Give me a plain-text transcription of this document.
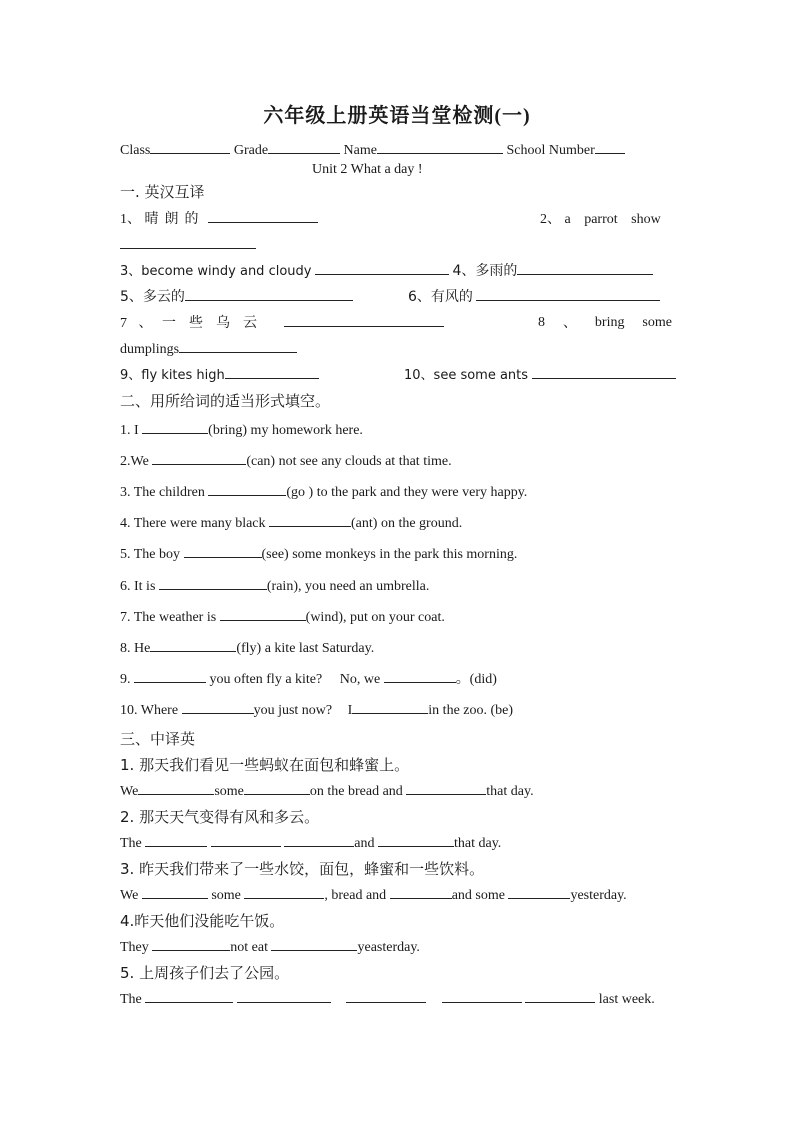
六年级上册英语当堂检测(一)
Class	Grade	Name	School Number
Unit 2 What a day !
一. 英汉互译
1、 晴朗的	2、 a parrot show
3、become windy and cloudy	4、多雨的
5、多云的	6、有风的
7 、 一些乌云	8 、 bring some
dumplings
9、fly kites high	10、see some ants
二、用所给词的适当形式填空。
1. I	(bring) my homework here.
2.We	(can) not see any clouds at that time.
3. The children	(go ) to the park and they were very happy.
4. There were many black	(ant) on the ground.
5. The boy	(see) some monkeys in the park this morning.
6. It is	(rain), you need an umbrella.
7. The weather is	(wind), put on your coat.
8. He	(fly) a kite last Saturday.
9.	you often fly a kite? No, we	。(did)
10. Where	you just now? I	in the zoo. (be)
三、中译英
1. 那天我们看见一些蚂蚁在面包和蜂蜜上。
We	some	on the bread and	that day.
2. 那天天气变得有风和多云。
The	and	that day.
3. 昨天我们带来了一些水饺，面包，蜂蜜和一些饮料。
We	some	, bread and	and some	yesterday.
4.昨天他们没能吃午饭。
They	not eat	yeasterday.
5. 上周孩子们去了公园。
The	last week.
